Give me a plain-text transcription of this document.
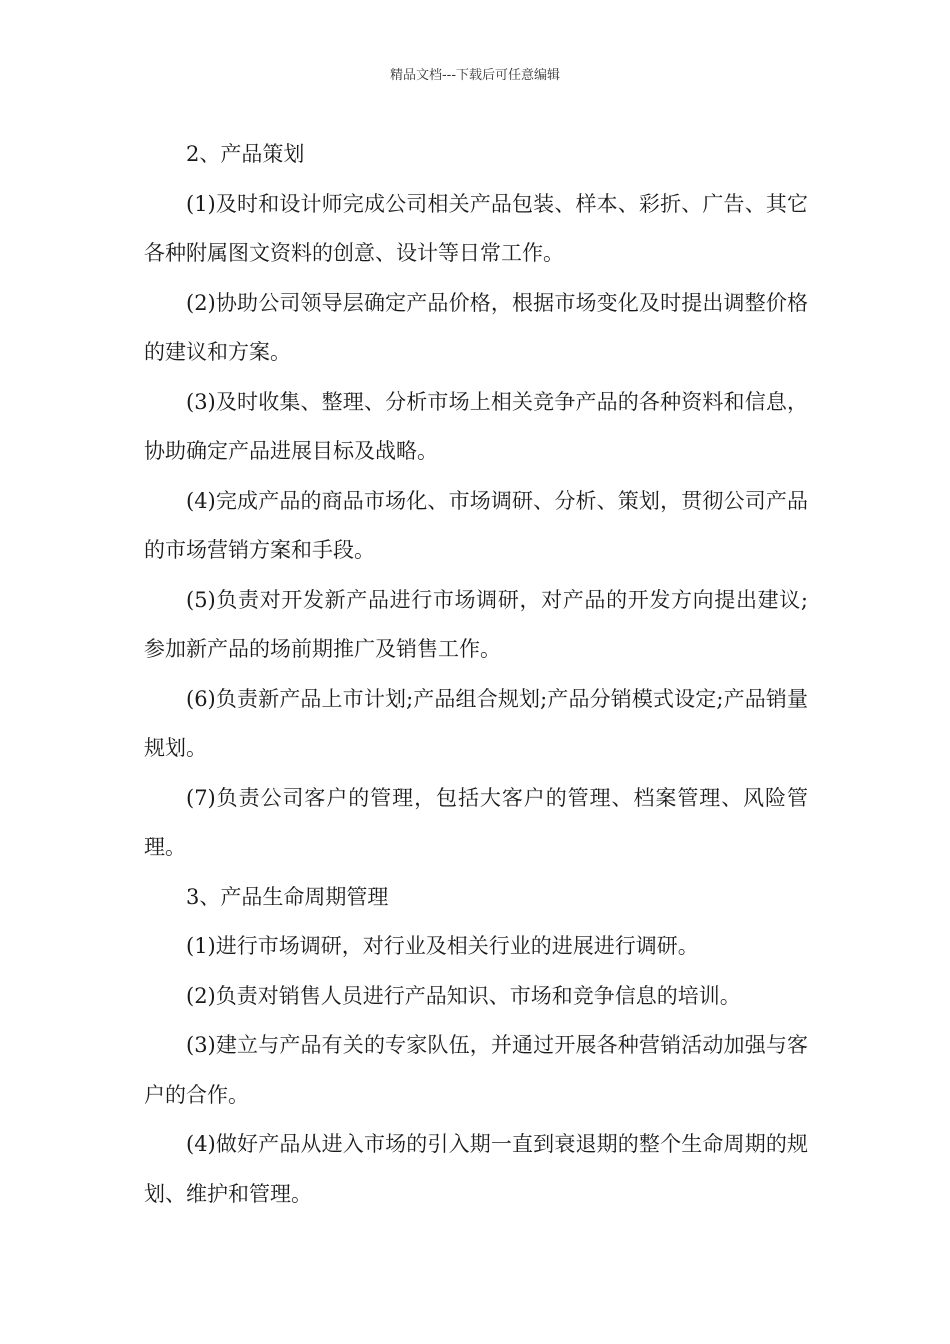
精品文档---下载后可任意编辑

2、产品策划

(1)及时和设计师完成公司相关产品包装、样本、彩折、广告、其它各种附属图文资料的创意、设计等日常工作。

(2)协助公司领导层确定产品价格，根据市场变化及时提出调整价格的建议和方案。

(3)及时收集、整理、分析市场上相关竞争产品的各种资料和信息，协助确定产品进展目标及战略。

(4)完成产品的商品市场化、市场调研、分析、策划，贯彻公司产品的市场营销方案和手段。

(5)负责对开发新产品进行市场调研，对产品的开发方向提出建议;参加新产品的场前期推广及销售工作。

(6)负责新产品上市计划;产品组合规划;产品分销模式设定;产品销量规划。

(7)负责公司客户的管理，包括大客户的管理、档案管理、风险管理。

3、产品生命周期管理

(1)进行市场调研，对行业及相关行业的进展进行调研。

(2)负责对销售人员进行产品知识、市场和竞争信息的培训。

(3)建立与产品有关的专家队伍，并通过开展各种营销活动加强与客户的合作。

(4)做好产品从进入市场的引入期一直到衰退期的整个生命周期的规划、维护和管理。
